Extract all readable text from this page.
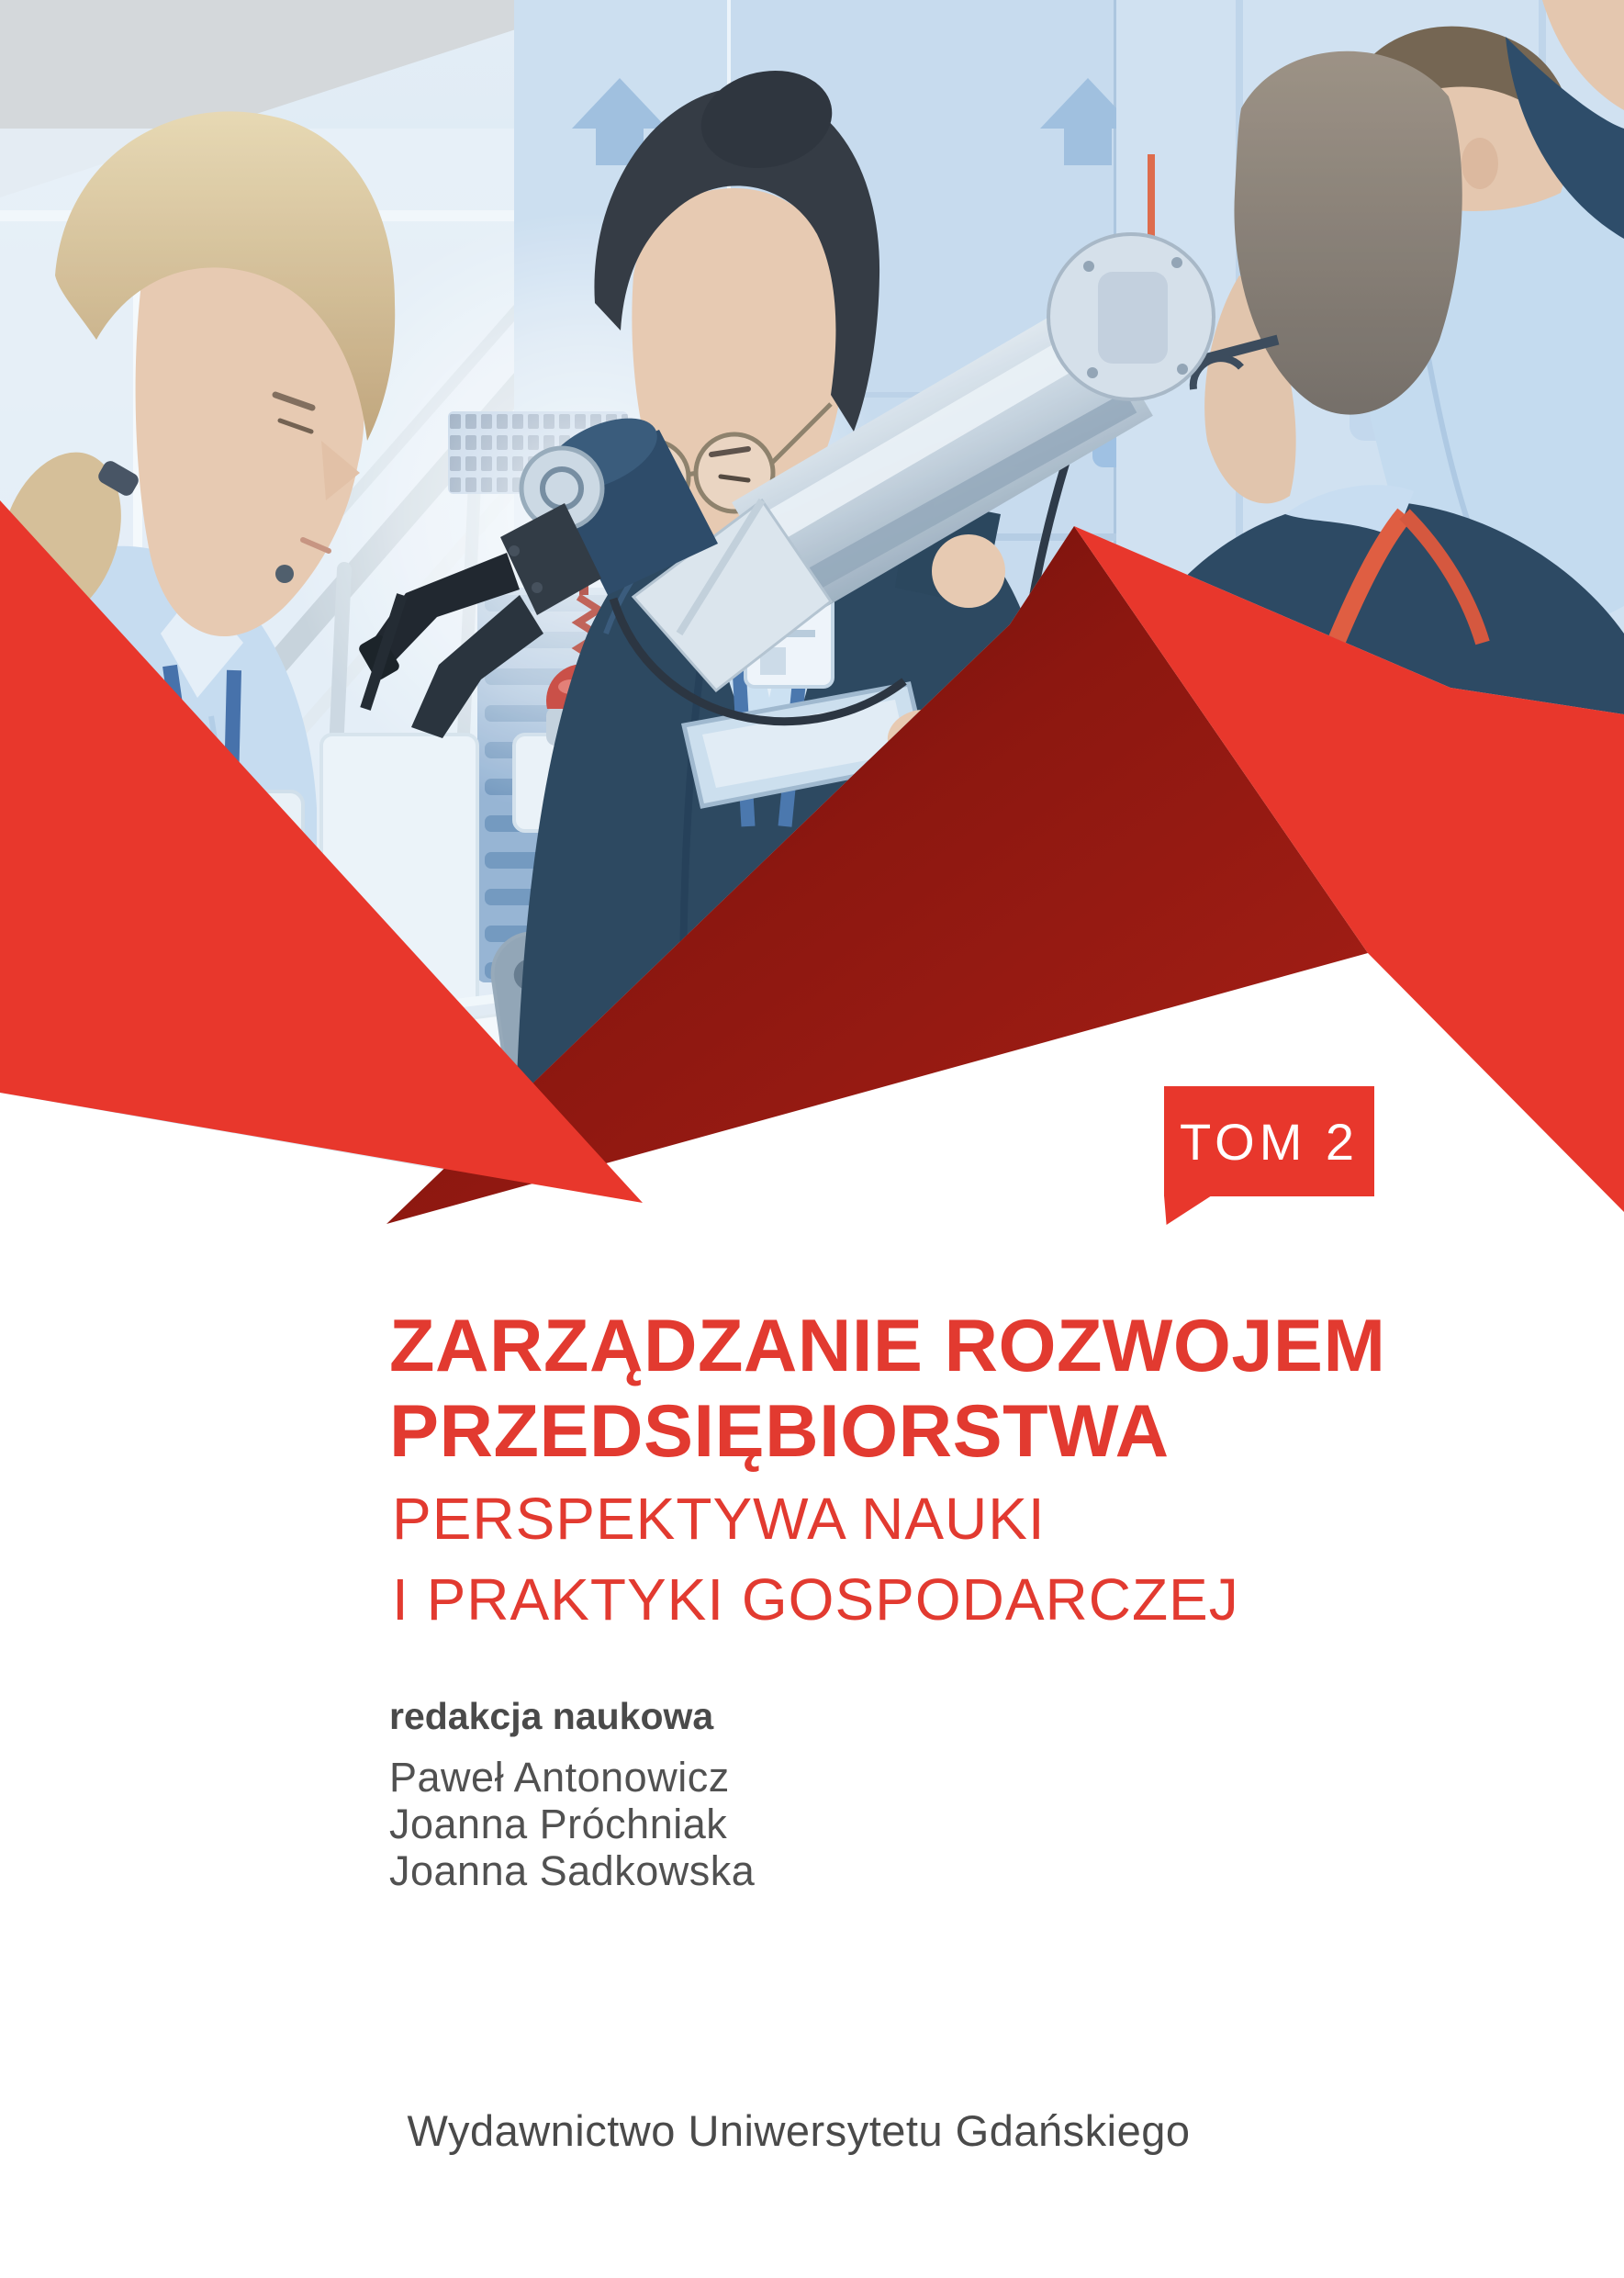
TOM 2
ZARZĄDZANIE ROZWOJEM
PRZEDSIĘBIORSTWA
PERSPEKTYWA NAUKI
I PRAKTYKI GOSPODARCZEJ
redakcja naukowa
Paweł Antonowicz
Joanna Próchniak
Joanna Sadkowska
Wydawnictwo Uniwersytetu Gdańskiego
